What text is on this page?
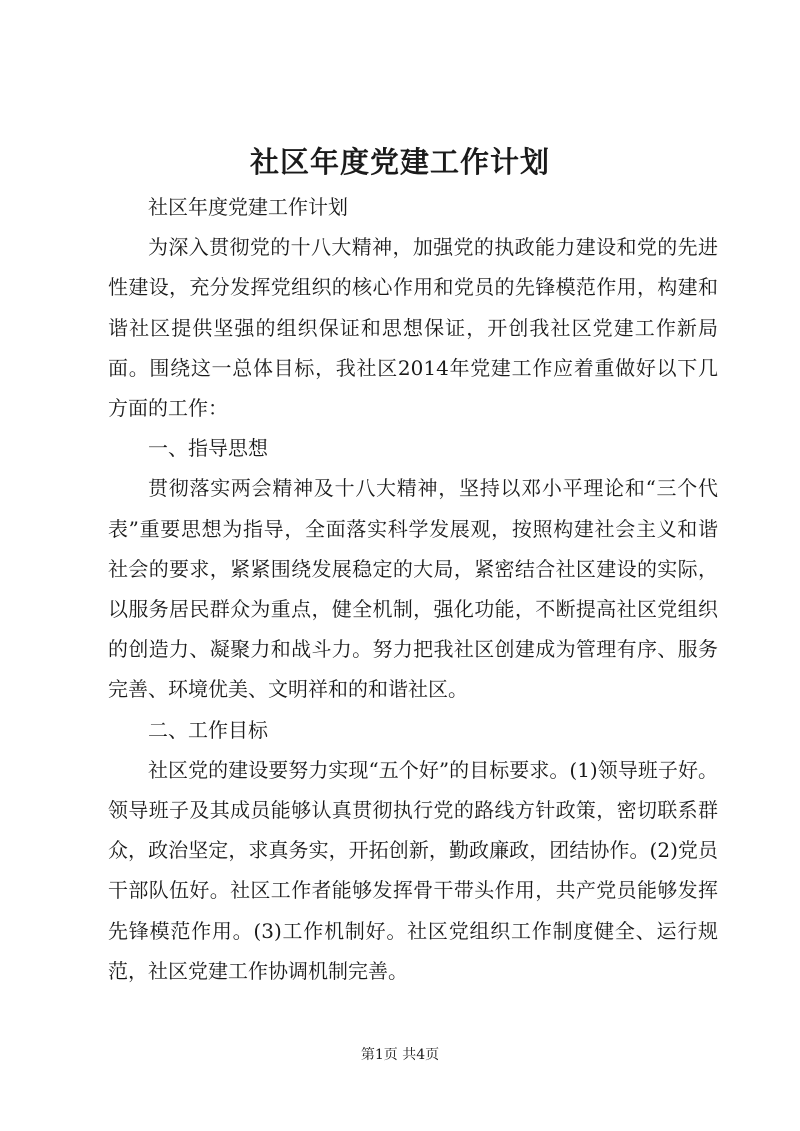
社区年度党建工作计划

社区年度党建工作计划

为深入贯彻党的十八大精神，加强党的执政能力建设和党的先进性建设，充分发挥党组织的核心作用和党员的先锋模范作用，构建和谐社区提供坚强的组织保证和思想保证，开创我社区党建工作新局面。围绕这一总体目标，我社区2014年党建工作应着重做好以下几方面的工作：

一、指导思想

贯彻落实两会精神及十八大精神，坚持以邓小平理论和“三个代表”重要思想为指导，全面落实科学发展观，按照构建社会主义和谐社会的要求，紧紧围绕发展稳定的大局，紧密结合社区建设的实际，以服务居民群众为重点，健全机制，强化功能，不断提高社区党组织的创造力、凝聚力和战斗力。努力把我社区创建成为管理有序、服务完善、环境优美、文明祥和的和谐社区。

二、工作目标

社区党的建设要努力实现“五个好”的目标要求。(1)领导班子好。领导班子及其成员能够认真贯彻执行党的路线方针政策，密切联系群众，政治坚定，求真务实，开拓创新，勤政廉政，团结协作。(2)党员干部队伍好。社区工作者能够发挥骨干带头作用，共产党员能够发挥先锋模范作用。(3)工作机制好。社区党组织工作制度健全、运行规范，社区党建工作协调机制完善。

第1页 共4页
